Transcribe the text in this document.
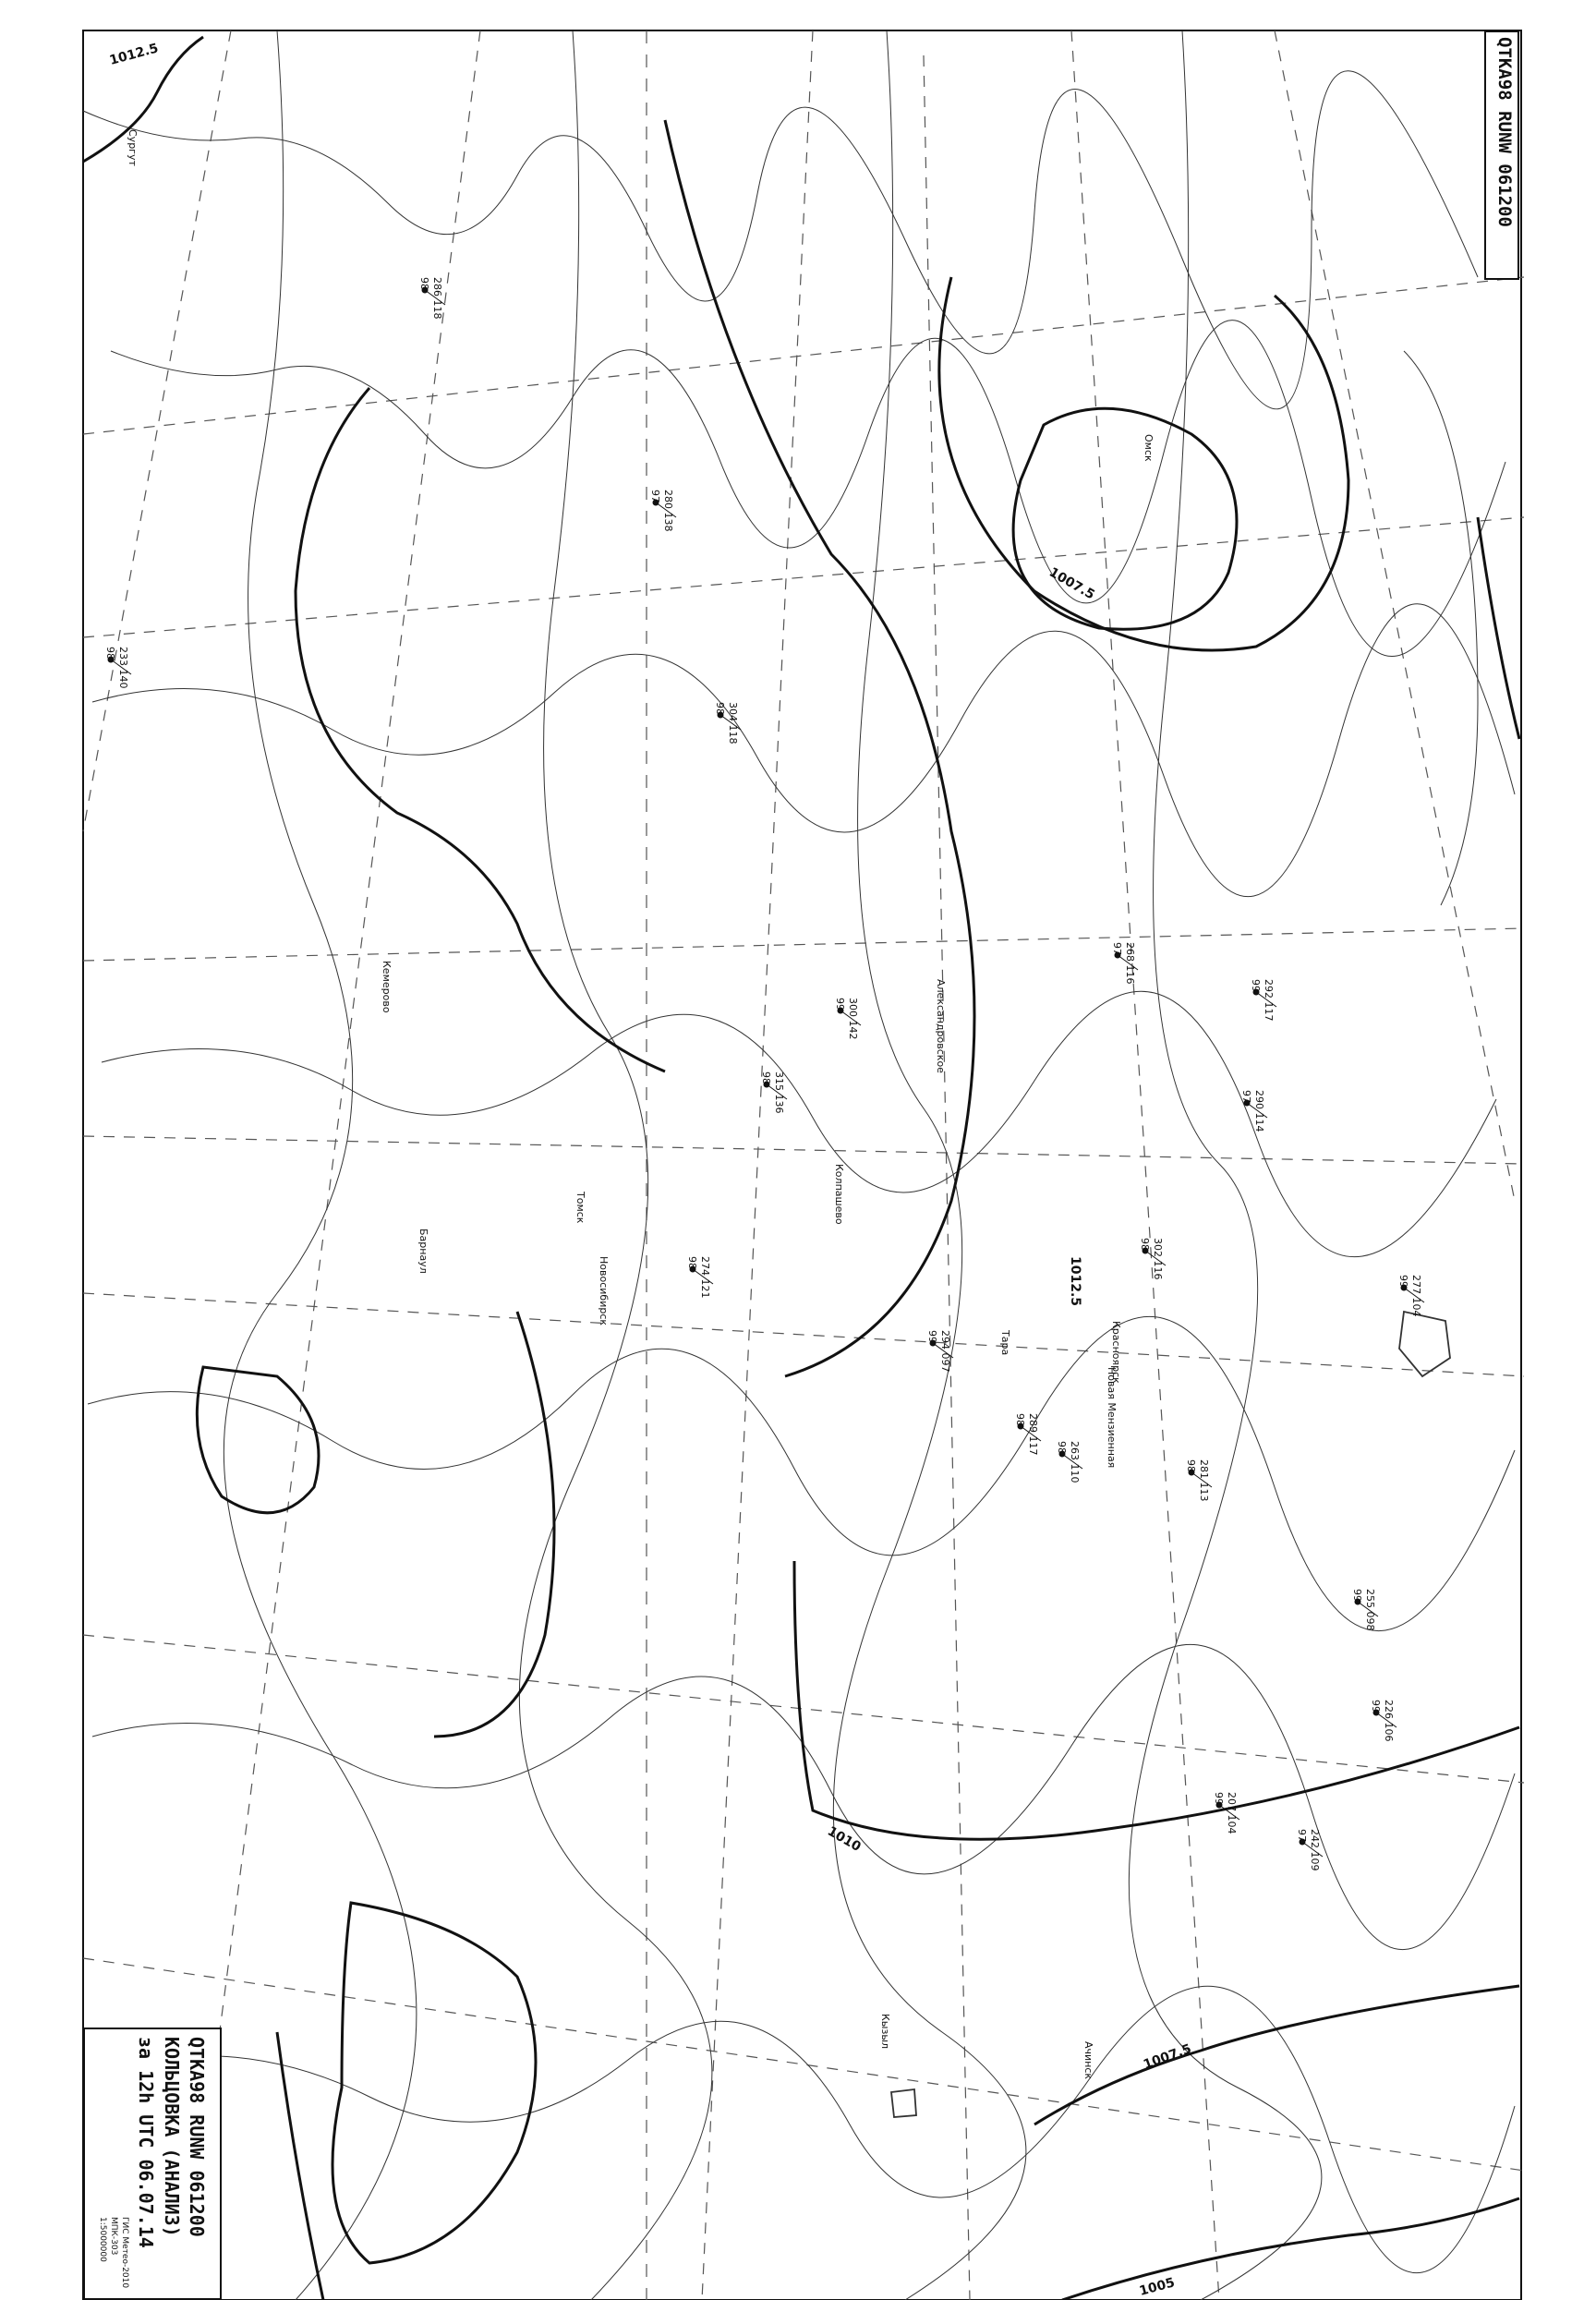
1012.5
1007.5
1012.5
1010
1007.5
1005
Сургут
Тара
Омск
Новосибирск
Барнаул
Кемерово
Красноярск
Ачинск
Томск	Колпашево
Новая Мензиенная
Александровское
Кызыл
294 097
99
263 110
98
281 113
98
302 116
98
277 104
99
289 117
98
274 121
98
255 098
99
290 114
97
242 109
97
268 116
97
286 118
98
300 142
99
315 136
98
280 138
97
304 118
98
292 117
99
226 106
99
207 104
99
233 140
98
QTKA98 RUNW 061200
QTKA98 RUNW 061200
КОЛЬЦОВКА (АНАЛИЗ)
за 12h UTC 06.07.14
ГИС Метео-2010
МПК-303
1:5000000
